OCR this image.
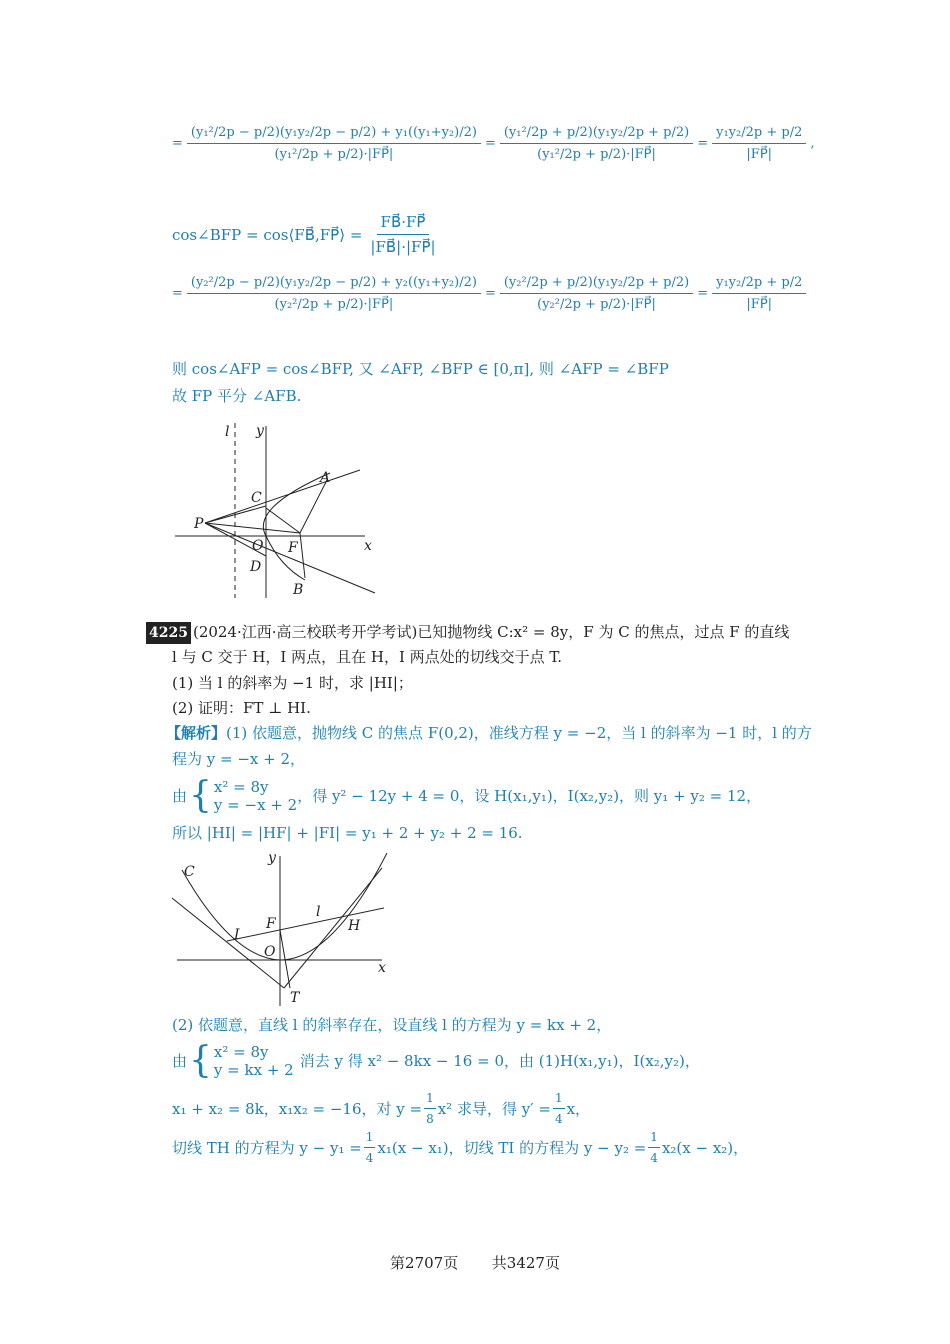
= $\frac{\text{(y₁²/2p − p/2)(y₁y₂/2p − p/2) + y₁((y₁+y₂)/2)}}{\text{(y₁²/2p + p/2)·|FP⃗|}} = \frac{\text{(y₁²/2p + p/2)(y₁y₂/2p + p/2)}}{\text{(y₁²/2p + p/2)·|FP⃗|}} = \frac{\text{y₁y₂/2p + p/2}}{|FP⃗|}$ ,
cos∠BFP = cos⟨FB⃗,FP⃗⟩ = $\frac{FB⃗\cdot FP⃗}{|FB⃗|\cdot|FP⃗|}$
= $\frac{\text{(y₂²/2p − p/2)(y₁y₂/2p − p/2) + y₂((y₁+y₂)/2)}}{\text{(y₂²/2p + p/2)·|FP⃗|}} = \frac{\text{(y₂²/2p + p/2)(y₁y₂/2p + p/2)}}{\text{(y₂²/2p + p/2)·|FP⃗|}} = \frac{\text{y₁y₂/2p + p/2}}{|FP⃗|}$
则 cos∠AFP = cos∠BFP, 又 ∠AFP, ∠BFP ∈ [0,π], 则 ∠AFP = ∠BFP
故 FP 平分 ∠AFB.
l y
A
C
P
O F	x
D
B
4225 (2024·江西·高三校联考开学考试)已知抛物线 C:x² = 8y，F 为 C 的焦点，过点 F 的直线
l 与 C 交于 H，I 两点，且在 H，I 两点处的切线交于点 T.
(1) 当 l 的斜率为 −1 时，求 |HI|；
(2) 证明：FT ⊥ HI.
【解析】(1) 依题意，抛物线 C 的焦点 F(0,2)，准线方程 y = −2，当 l 的斜率为 −1 时，l 的方
程为 y = −x + 2，
由 { x² = 8y
y = −x + 2 ，得 y² − 12y + 4 = 0，设 H(x₁,y₁)，I(x₂,y₂)，则 y₁ + y₂ = 12，
所以 |HI| = |HF| + |FI| = y₁ + 2 + y₂ + 2 = 16.
C
y
F
l
I
H
O
x
T
(2) 依题意，直线 l 的斜率存在，设直线 l 的方程为 y = kx + 2，
由 { x² = 8y
y = kx + 2 消去 y 得 x² − 8kx − 16 = 0，由 (1)H(x₁,y₁)，I(x₂,y₂)，
x₁ + x₂ = 8k，x₁x₂ = −16，对 $y = \frac{1}{8} x^2$ 求导，得 $y' = \frac{1}{4}$ x，
切线 TH 的方程为 $y - y_1 = \frac{1}{4} x_1(x - x_1)$，切线 TI 的方程为 $y - y_2 = \frac{1}{4} x_2(x - x_2)$，
第2707页 共3427页
